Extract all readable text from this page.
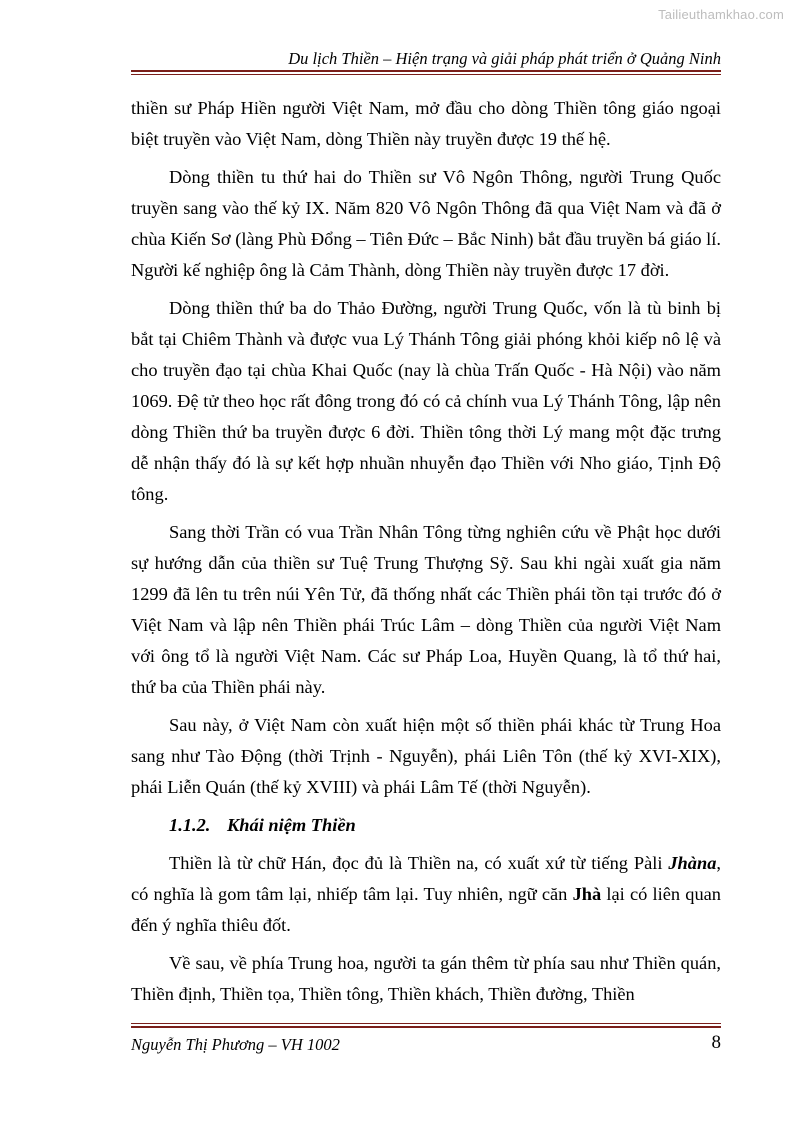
Tailieuthamkhao.com
Du lịch Thiền – Hiện trạng và giải pháp phát triển ở Quảng Ninh

thiền sư Pháp Hiền người Việt Nam, mở đầu cho dòng Thiền tông giáo ngoại biệt truyền vào Việt Nam, dòng Thiền này truyền được 19 thế hệ.

Dòng thiền tu thứ hai do Thiền sư Vô Ngôn Thông, người Trung Quốc truyền sang vào thế kỷ IX. Năm 820 Vô Ngôn Thông đã qua Việt Nam và đã ở chùa Kiến Sơ (làng Phù Đổng – Tiên Đức – Bắc Ninh) bắt đầu truyền bá giáo lí. Người kế nghiệp ông là Cảm Thành, dòng Thiền này truyền được 17 đời.

Dòng thiền thứ ba do Thảo Đường, người Trung Quốc, vốn là tù binh bị bắt tại Chiêm Thành và được vua Lý Thánh Tông giải phóng khỏi kiếp nô lệ và cho truyền đạo tại chùa Khai Quốc (nay là chùa Trấn Quốc - Hà Nội) vào năm 1069. Đệ tử theo học rất đông trong đó có cả chính vua Lý Thánh Tông, lập nên dòng Thiền thứ ba truyền được 6 đời. Thiền tông thời Lý mang một đặc trưng dễ nhận thấy đó là sự kết hợp nhuần nhuyễn đạo Thiền với Nho giáo, Tịnh Độ tông.

Sang thời Trần có vua Trần Nhân Tông từng nghiên cứu về Phật học dưới sự hướng dẫn của thiền sư Tuệ Trung Thượng Sỹ. Sau khi ngài xuất gia năm 1299 đã lên tu trên núi Yên Tử, đã thống nhất các Thiền phái tồn tại trước đó ở Việt Nam và lập nên Thiền phái Trúc Lâm – dòng Thiền của người Việt Nam với ông tổ là người Việt Nam. Các sư Pháp Loa, Huyền Quang, là tổ thứ hai, thứ ba của Thiền phái này.

Sau này, ở Việt Nam còn xuất hiện một số thiền phái khác từ Trung Hoa sang như Tào Động (thời Trịnh - Nguyễn), phái Liên Tôn (thế kỷ XVI-XIX), phái Liễn Quán (thế kỷ XVIII) và phái Lâm Tế (thời Nguyễn).

1.1.2. Khái niệm Thiền

Thiền là từ chữ Hán, đọc đủ là Thiền na, có xuất xứ từ tiếng Pàli Jhàna, có nghĩa là gom tâm lại, nhiếp tâm lại. Tuy nhiên, ngữ căn Jhà lại có liên quan đến ý nghĩa thiêu đốt.

Về sau, về phía Trung hoa, người ta gán thêm từ phía sau như Thiền quán, Thiền định, Thiền tọa, Thiền tông, Thiền khách, Thiền đường, Thiền

Nguyễn Thị Phương – VH 1002	8
